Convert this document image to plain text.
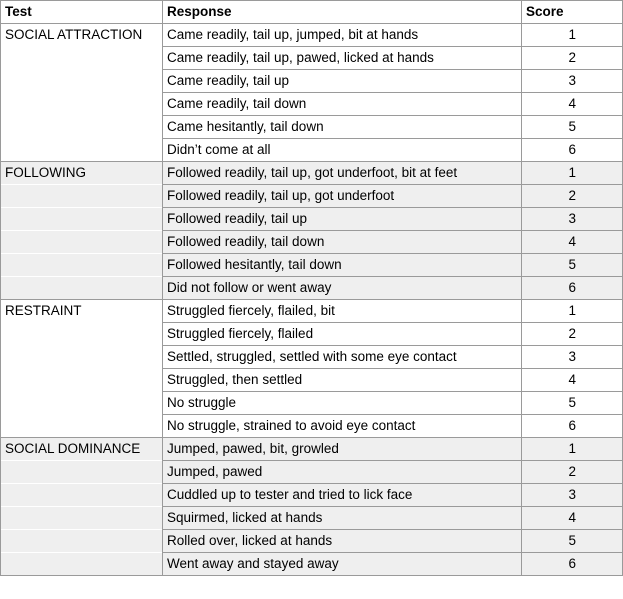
Test	Response	Score
SOCIAL ATTRACTION	Came readily, tail up, jumped, bit at hands	1
	Came readily, tail up, pawed, licked at hands	2
	Came readily, tail up	3
	Came readily, tail down	4
	Came hesitantly, tail down	5
	Didn’t come at all	6
FOLLOWING	Followed readily, tail up, got underfoot, bit at feet	1
	Followed readily, tail up, got underfoot	2
	Followed readily, tail up	3
	Followed readily, tail down	4
	Followed hesitantly, tail down	5
	Did not follow or went away	6
RESTRAINT	Struggled fiercely, flailed, bit	1
	Struggled fiercely, flailed	2
	Settled, struggled, settled with some eye contact	3
	Struggled, then settled	4
	No struggle	5
	No struggle, strained to avoid eye contact	6
SOCIAL DOMINANCE	Jumped, pawed, bit, growled	1
	Jumped, pawed	2
	Cuddled up to tester and tried to lick face	3
	Squirmed, licked at hands	4
	Rolled over, licked at hands	5
	Went away and stayed away	6
